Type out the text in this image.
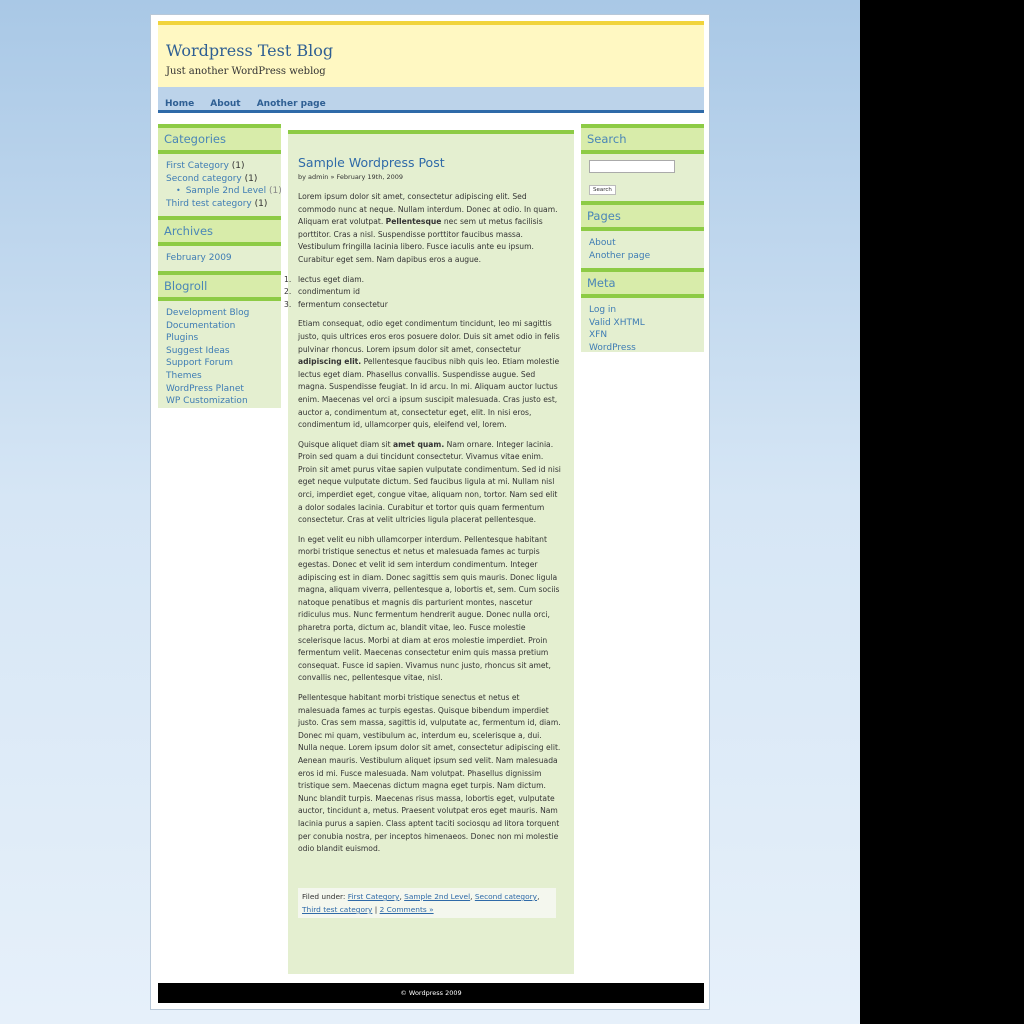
Wordpress Test Blog
Just another WordPress weblog
$_{Home}$ $_{About}$ $_{Another page}$
Categories
First Category (1)
Second category (1)
• Sample 2nd Level (1)
Third test category (1)
Archives
February 2009
Blogroll
Development Blog
Documentation
Plugins
Suggest Ideas
Support Forum
Themes
WordPress Planet
WP Customization
Sample Wordpress Post
by admin » February 19th, 2009

Lorem ipsum dolor sit amet, consectetur adipiscing elit. Sed commodo nunc at neque. Nullam interdum. Donec at odio. In quam. Aliquam erat volutpat. Pellentesque nec sem ut metus facilisis porttitor. Cras a nisl. Suspendisse porttitor faucibus massa. Vestibulum fringilla lacinia libero. Fusce iaculis ante eu ipsum. Curabitur eget sem. Nam dapibus eros a augue.

1. lectus eget diam.
2. condimentum id
3. fermentum consectetur

Etiam consequat, odio eget condimentum tincidunt, leo mi sagittis justo, quis ultrices eros eros posuere dolor. Duis sit amet odio in felis pulvinar rhoncus. Lorem ipsum dolor sit amet, consectetur adipiscing elit. Pellentesque faucibus nibh quis leo. Etiam molestie lectus eget diam. Phasellus convallis. Suspendisse augue. Sed magna. Suspendisse feugiat. In id arcu. In mi. Aliquam auctor luctus enim. Maecenas vel orci a ipsum suscipit malesuada. Cras justo est, auctor a, condimentum at, consectetur eget, elit. In nisi eros, condimentum id, ullamcorper quis, eleifend vel, lorem.

Quisque aliquet diam sit amet quam. Nam ornare. Integer lacinia. Proin sed quam a dui tincidunt consectetur. Vivamus vitae enim. Proin sit amet purus vitae sapien vulputate condimentum. Sed id nisi eget neque vulputate dictum. Sed faucibus ligula at mi. Nullam nisl orci, imperdiet eget, congue vitae, aliquam non, tortor. Nam sed elit a dolor sodales lacinia. Curabitur et tortor quis quam fermentum consectetur. Cras at velit ultricies ligula placerat pellentesque.

In eget velit eu nibh ullamcorper interdum. Pellentesque habitant morbi tristique senectus et netus et malesuada fames ac turpis egestas. Donec et velit id sem interdum condimentum. Integer adipiscing est in diam. Donec sagittis sem quis mauris. Donec ligula magna, aliquam viverra, pellentesque a, lobortis et, sem. Cum sociis natoque penatibus et magnis dis parturient montes, nascetur ridiculus mus. Nunc fermentum hendrerit augue. Donec nulla orci, pharetra porta, dictum ac, blandit vitae, leo. Fusce molestie scelerisque lacus. Morbi at diam at eros molestie imperdiet. Proin fermentum velit. Maecenas consectetur enim quis massa pretium consequat. Fusce id sapien. Vivamus nunc justo, rhoncus sit amet, convallis nec, pellentesque vitae, nisl.

Pellentesque habitant morbi tristique senectus et netus et malesuada fames ac turpis egestas. Quisque bibendum imperdiet justo. Cras sem massa, sagittis id, vulputate ac, fermentum id, diam. Donec mi quam, vestibulum ac, interdum eu, scelerisque a, dui. Nulla neque. Lorem ipsum dolor sit amet, consectetur adipiscing elit. Aenean mauris. Vestibulum aliquet ipsum sed velit. Nam malesuada eros id mi. Fusce malesuada. Nam volutpat. Phasellus dignissim tristique sem. Maecenas dictum magna eget turpis. Nam dictum. Nunc blandit turpis. Maecenas risus massa, lobortis eget, vulputate auctor, tincidunt a, metus. Praesent volutpat eros eget mauris. Nam lacinia purus a sapien. Class aptent taciti sociosqu ad litora torquent per conubia nostra, per inceptos himenaeos. Donec non mi molestie odio blandit euismod.

Filed under: First Category, Sample 2nd Level, Second category, Third test category | 2 Comments »
Search
Search
Pages
About
Another page
Meta
Log in
Valid XHTML
XFN
WordPress
© Wordpress 2009
